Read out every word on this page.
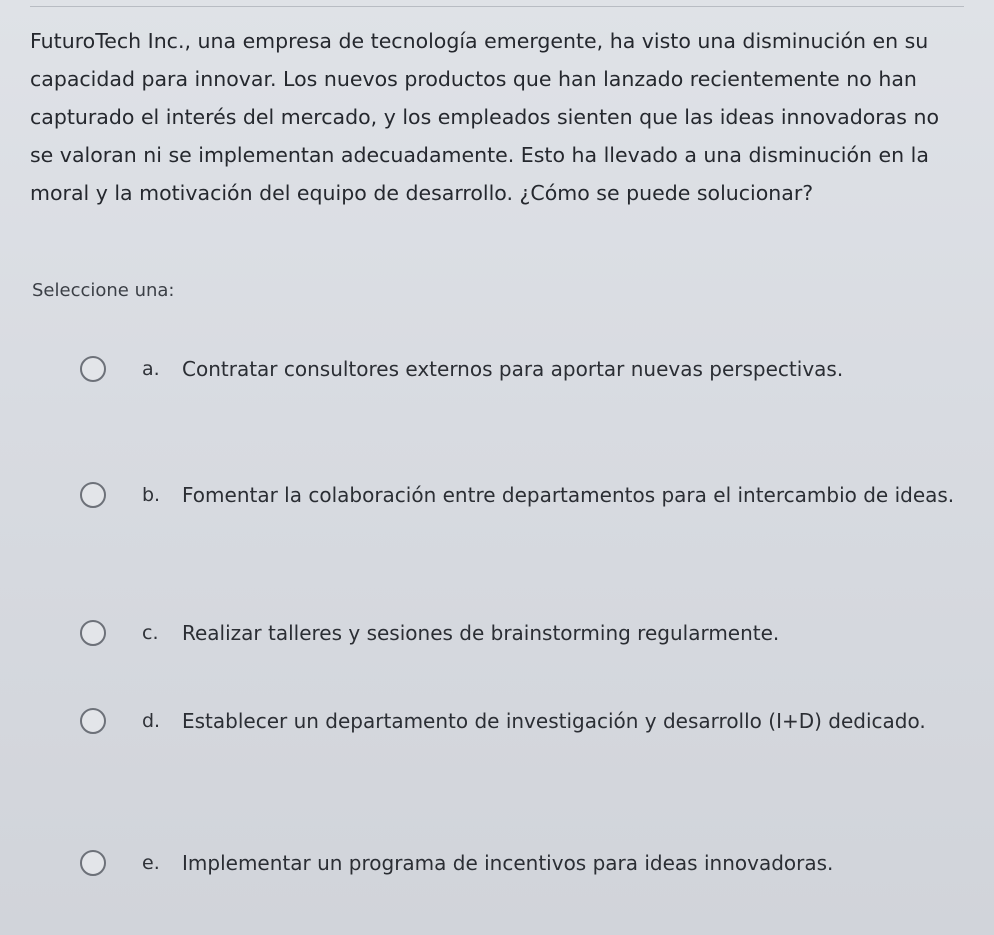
FuturoTech Inc., una empresa de tecnología emergente, ha visto una disminución en su capacidad para innovar. Los nuevos productos que han lanzado recientemente no han capturado el interés del mercado, y los empleados sienten que las ideas innovadoras no se valoran ni se implementan adecuadamente. Esto ha llevado a una disminución en la moral y la motivación del equipo de desarrollo. ¿Cómo se puede solucionar?

Seleccione una:

a.	Contratar consultores externos para aportar nuevas perspectivas.
b.	Fomentar la colaboración entre departamentos para el intercambio de ideas.
c.	Realizar talleres y sesiones de brainstorming regularmente.
d.	Establecer un departamento de investigación y desarrollo (I+D) dedicado.
e.	Implementar un programa de incentivos para ideas innovadoras.
